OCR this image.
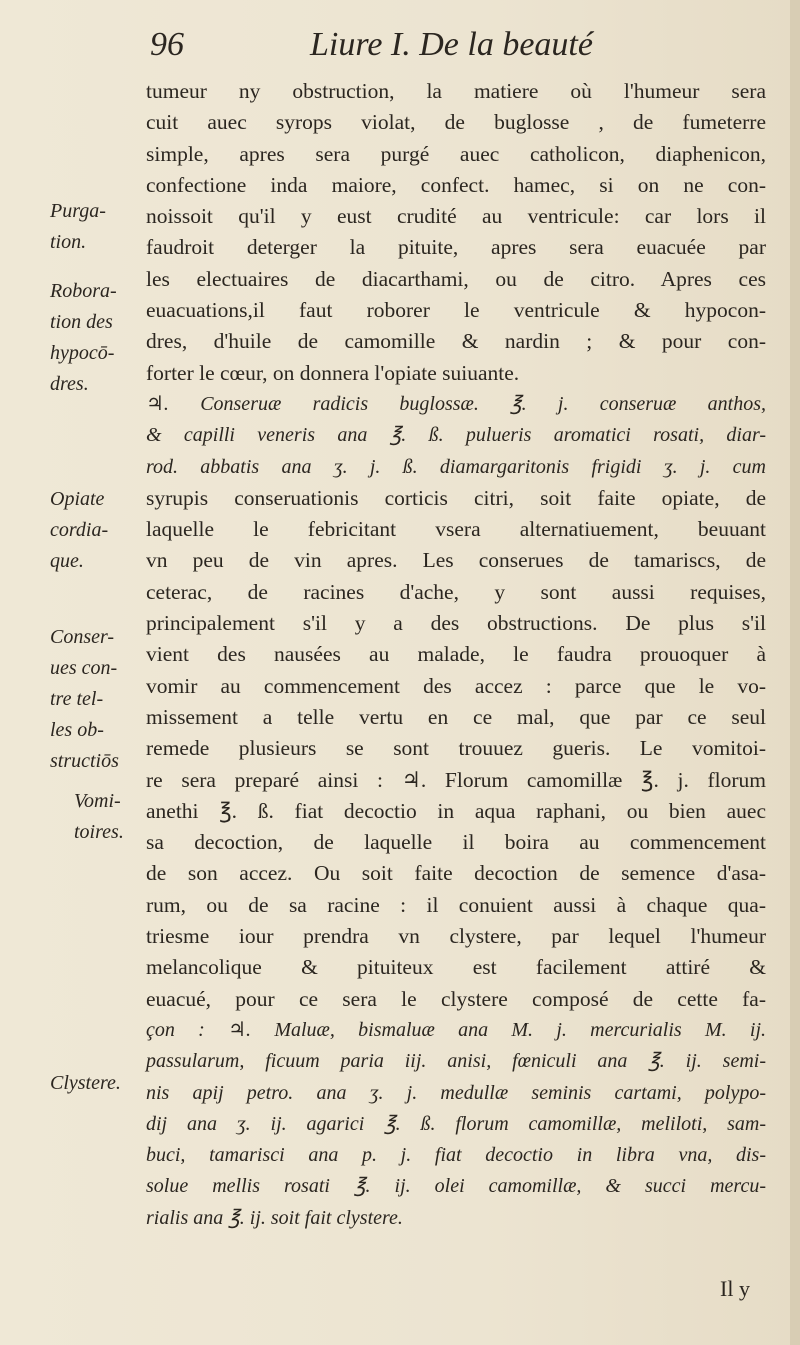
96	Liure I. De la beauté
tumeur ny obstruction, la matiere où l'humeur sera
cuit auec syrops violat, de buglosse , de fumeterre
simple, apres sera purgé auec catholicon, diaphenicon,
confectione inda maiore, confect. hamec, si on ne con-
noissoit qu'il y eust crudité au ventricule: car lors il
faudroit deterger la pituite, apres sera euacuée par
les electuaires de diacarthami, ou de citro. Apres ces
euacuations,il faut roborer le ventricule & hypocon-
dres, d'huile de camomille & nardin ; & pour con-
forter le cœur, on donnera l'opiate suiuante.
♃. Conseruæ radicis buglossæ. ℥. j. conseruæ anthos,
& capilli veneris ana ℥. ß. pulueris aromatici rosati, diar-
rod. abbatis ana ʒ. j. ß. diamargaritonis frigidi ʒ. j. cum
syrupis conseruationis corticis citri, soit faite opiate, de
laquelle le febricitant vsera alternatiuement, beuuant
vn peu de vin apres. Les conserues de tamariscs, de
ceterac, de racines d'ache, y sont aussi requises,
principalement s'il y a des obstructions. De plus s'il
vient des nausées au malade, le faudra prouoquer à
vomir au commencement des accez : parce que le vo-
missement a telle vertu en ce mal, que par ce seul
remede plusieurs se sont trouuez gueris. Le vomitoi-
re sera preparé ainsi : ♃. Florum camomillæ ℥. j. florum
anethi ℥. ß. fiat decoctio in aqua raphani, ou bien auec
sa decoction, de laquelle il boira au commencement
de son accez. Ou soit faite decoction de semence d'asa-
rum, ou de sa racine : il conuient aussi à chaque qua-
triesme iour prendra vn clystere, par lequel l'humeur
melancolique & pituiteux est facilement attiré &
euacué, pour ce sera le clystere composé de cette fa-
çon : ♃. Maluæ, bismaluæ ana M. j. mercurialis M. ij.
passularum, ficuum paria iij. anisi, fœniculi ana ℥. ij. semi-
nis apij petro. ana ʒ. j. medullæ seminis cartami, polypo-
dij ana ʒ. ij. agarici ℥. ß. florum camomillæ, meliloti, sam-
buci, tamarisci ana p. j. fiat decoctio in libra vna, dis-
solue mellis rosati ℥. ij. olei camomillæ, & succi mercu-
rialis ana ℥. ij. soit fait clystere.
Purga-
tion.
Robora-
tion des
hypocō-
dres.
Opiate
cordia-
que.
Conser-
ues con-
tre tel-
les ob-
structiōs
Vomi-
toires.
Clystere.
Il y
